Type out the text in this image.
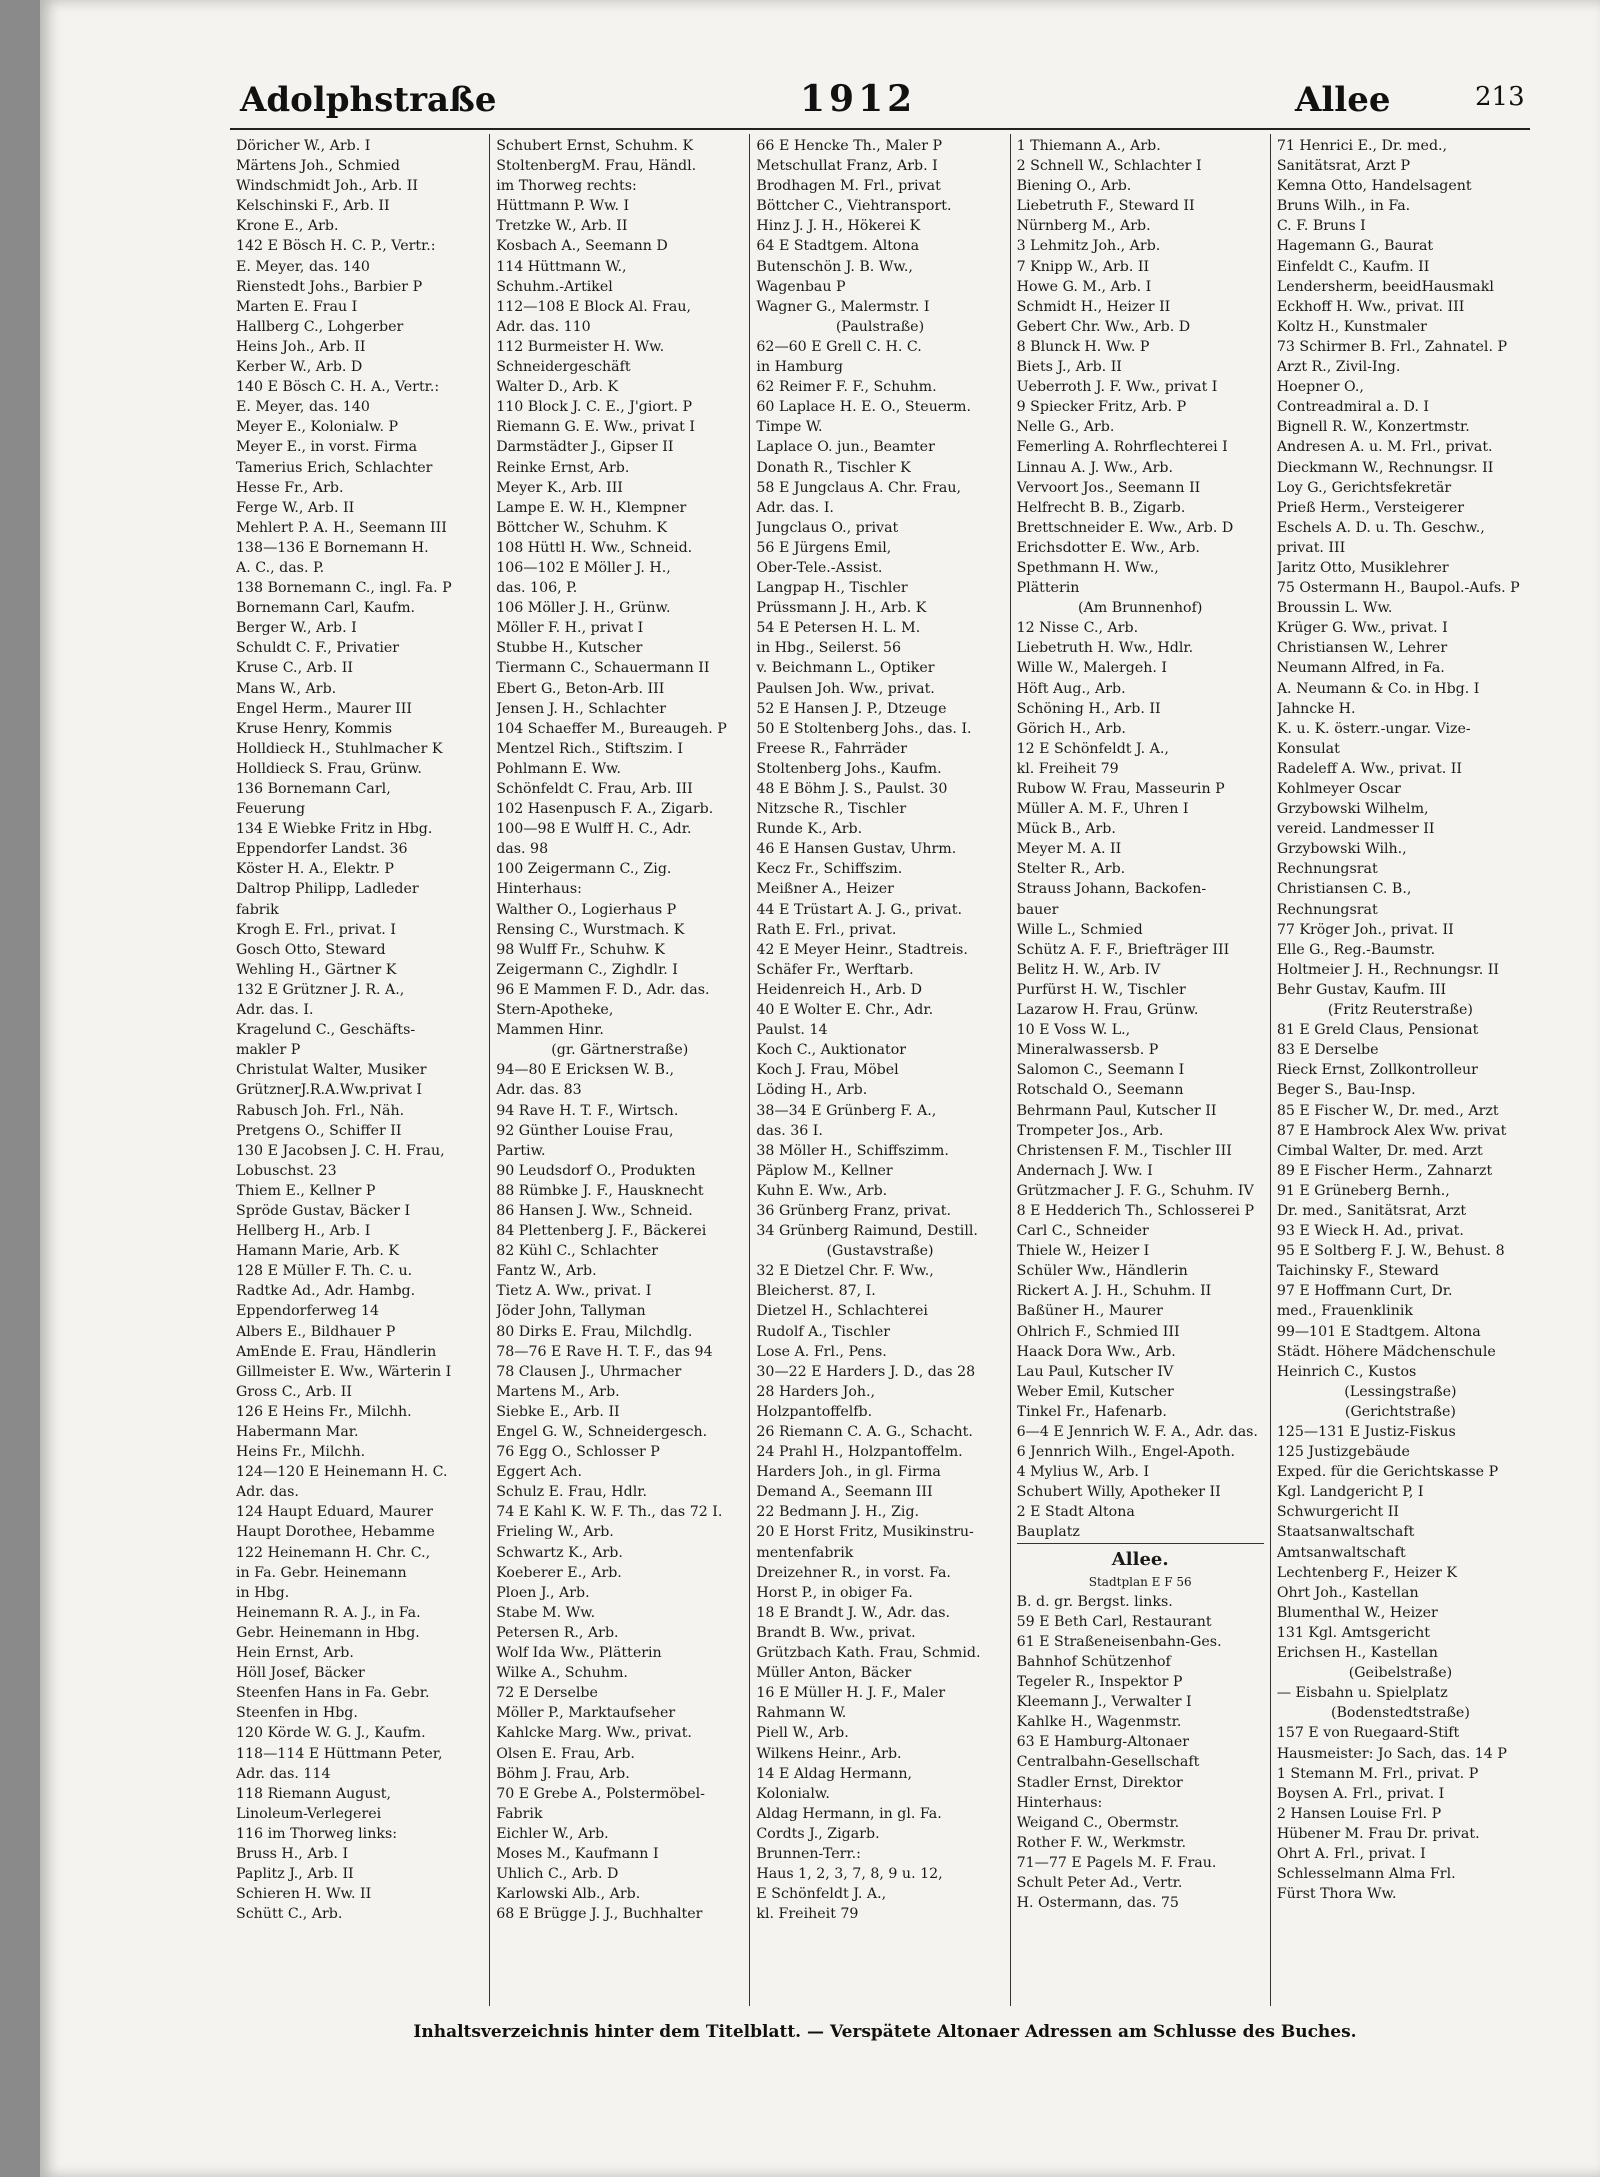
Adolphstraße	1912	Allee	213
Döricher W., Arb. I
Märtens Joh., Schmied
Windschmidt Joh., Arb. II
Kelschinski F., Arb. II
Krone E., Arb.
142 E Bösch H. C. P., Vertr.:
E. Meyer, das. 140
Rienstedt Johs., Barbier P
Marten E. Frau I
Hallberg C., Lohgerber
Heins Joh., Arb. II
Kerber W., Arb. D
140 E Bösch C. H. A., Vertr.:
E. Meyer, das. 140
Meyer E., Kolonialw. P
Meyer E., in vorst. Firma
Tamerius Erich, Schlachter
Hesse Fr., Arb.
Ferge W., Arb. II
Mehlert P. A. H., Seemann III
138—136 E Bornemann H.
A. C., das. P.
138 Bornemann C., ingl. Fa. P
Bornemann Carl, Kaufm.
Berger W., Arb. I
Schuldt C. F., Privatier
Kruse C., Arb. II
Mans W., Arb.
Engel Herm., Maurer III
Kruse Henry, Kommis
Holldieck H., Stuhlmacher K
Holldieck S. Frau, Grünw.
136 Bornemann Carl,
Feuerung
134 E Wiebke Fritz in Hbg.
Eppendorfer Landst. 36
Köster H. A., Elektr. P
Daltrop Philipp, Ladleder
fabrik
Krogh E. Frl., privat. I
Gosch Otto, Steward
Wehling H., Gärtner K
132 E Grützner J. R. A.,
Adr. das. I.
Kragelund C., Geschäfts-
makler P
Christulat Walter, Musiker
GrütznerJ.R.A.Ww.privat I
Rabusch Joh. Frl., Näh.
Pretgens O., Schiffer II
130 E Jacobsen J. C. H. Frau,
Lobuschst. 23
Thiem E., Kellner P
Spröde Gustav, Bäcker I
Hellberg H., Arb. I
Hamann Marie, Arb. K
128 E Müller F. Th. C. u.
Radtke Ad., Adr. Hambg.
Eppendorferweg 14
Albers E., Bildhauer P
AmEnde E. Frau, Händlerin
Gillmeister E. Ww., Wärterin I
Gross C., Arb. II
126 E Heins Fr., Milchh.
Habermann Mar.
Heins Fr., Milchh.
124—120 E Heinemann H. C.
Adr. das.
124 Haupt Eduard, Maurer
Haupt Dorothee, Hebamme
122 Heinemann H. Chr. C.,
in Fa. Gebr. Heinemann
in Hbg.
Heinemann R. A. J., in Fa.
Gebr. Heinemann in Hbg.
Hein Ernst, Arb.
Höll Josef, Bäcker
Steenfen Hans in Fa. Gebr.
Steenfen in Hbg.
120 Körde W. G. J., Kaufm.
118—114 E Hüttmann Peter,
Adr. das. 114
118 Riemann August,
Linoleum-Verlegerei
116 im Thorweg links:
Bruss H., Arb. I
Paplitz J., Arb. II
Schieren H. Ww. II
Schütt C., Arb.
Schubert Ernst, Schuhm. K
StoltenbergM. Frau, Händl.
im Thorweg rechts:
Hüttmann P. Ww. I
Tretzke W., Arb. II
Kosbach A., Seemann D
114 Hüttmann W.,
Schuhm.-Artikel
112—108 E Block Al. Frau,
Adr. das. 110
112 Burmeister H. Ww.
Schneidergeschäft
Walter D., Arb. K
110 Block J. C. E., J'giort. P
Riemann G. E. Ww., privat I
Darmstädter J., Gipser II
Reinke Ernst, Arb.
Meyer K., Arb. III
Lampe E. W. H., Klempner
Böttcher W., Schuhm. K
108 Hüttl H. Ww., Schneid.
106—102 E Möller J. H.,
das. 106, P.
106 Möller J. H., Grünw.
Möller F. H., privat I
Stubbe H., Kutscher
Tiermann C., Schauermann II
Ebert G., Beton-Arb. III
Jensen J. H., Schlachter
104 Schaeffer M., Bureaugeh. P
Mentzel Rich., Stiftszim. I
Pohlmann E. Ww.
Schönfeldt C. Frau, Arb. III
102 Hasenpusch F. A., Zigarb.
100—98 E Wulff H. C., Adr.
das. 98
100 Zeigermann C., Zig.
Hinterhaus:
Walther O., Logierhaus P
Rensing C., Wurstmach. K
98 Wulff Fr., Schuhw. K
Zeigermann C., Zighdlr. I
96 E Mammen F. D., Adr. das.
Stern-Apotheke,
Mammen Hinr.
(gr. Gärtnerstraße)
94—80 E Ericksen W. B.,
Adr. das. 83
94 Rave H. T. F., Wirtsch.
92 Günther Louise Frau,
Partiw.
90 Leudsdorf O., Produkten
88 Rümbke J. F., Hausknecht
86 Hansen J. Ww., Schneid.
84 Plettenberg J. F., Bäckerei
82 Kühl C., Schlachter
Fantz W., Arb.
Tietz A. Ww., privat. I
Jöder John, Tallyman
80 Dirks E. Frau, Milchdlg.
78—76 E Rave H. T. F., das 94
78 Clausen J., Uhrmacher
Martens M., Arb.
Siebke E., Arb. II
Engel G. W., Schneidergesch.
76 Egg O., Schlosser P
Eggert Ach.
Schulz E. Frau, Hdlr.
74 E Kahl K. W. F. Th., das 72 I.
Frieling W., Arb.
Schwartz K., Arb.
Koeberer E., Arb.
Ploen J., Arb.
Stabe M. Ww.
Petersen R., Arb.
Wolf Ida Ww., Plätterin
Wilke A., Schuhm.
72 E Derselbe
Möller P., Marktaufseher
Kahlcke Marg. Ww., privat.
Olsen E. Frau, Arb.
Böhm J. Frau, Arb.
70 E Grebe A., Polstermöbel-
Fabrik
Eichler W., Arb.
Moses M., Kaufmann I
Uhlich C., Arb. D
Karlowski Alb., Arb.
68 E Brügge J. J., Buchhalter
66 E Hencke Th., Maler P
Metschullat Franz, Arb. I
Brodhagen M. Frl., privat
Böttcher C., Viehtransport.
Hinz J. J. H., Hökerei K
64 E Stadtgem. Altona
Butenschön J. B. Ww.,
Wagenbau P
Wagner G., Malermstr. I
(Paulstraße)
62—60 E Grell C. H. C.
in Hamburg
62 Reimer F. F., Schuhm.
60 Laplace H. E. O., Steuerm.
Timpe W.
Laplace O. jun., Beamter
Donath R., Tischler K
58 E Jungclaus A. Chr. Frau,
Adr. das. I.
Jungclaus O., privat
56 E Jürgens Emil,
Ober-Tele.-Assist.
Langpap H., Tischler
Prüssmann J. H., Arb. K
54 E Petersen H. L. M.
in Hbg., Seilerst. 56
v. Beichmann L., Optiker
Paulsen Joh. Ww., privat.
52 E Hansen J. P., Dtzeuge
50 E Stoltenberg Johs., das. I.
Freese R., Fahrräder
Stoltenberg Johs., Kaufm.
48 E Böhm J. S., Paulst. 30
Nitzsche R., Tischler
Runde K., Arb.
46 E Hansen Gustav, Uhrm.
Kecz Fr., Schiffszim.
Meißner A., Heizer
44 E Trüstart A. J. G., privat.
Rath E. Frl., privat.
42 E Meyer Heinr., Stadtreis.
Schäfer Fr., Werftarb.
Heidenreich H., Arb. D
40 E Wolter E. Chr., Adr.
Paulst. 14
Koch C., Auktionator
Koch J. Frau, Möbel
Löding H., Arb.
38—34 E Grünberg F. A.,
das. 36 I.
38 Möller H., Schiffszimm.
Päplow M., Kellner
Kuhn E. Ww., Arb.
36 Grünberg Franz, privat.
34 Grünberg Raimund, Destill.
(Gustavstraße)
32 E Dietzel Chr. F. Ww.,
Bleicherst. 87, I.
Dietzel H., Schlachterei
Rudolf A., Tischler
Lose A. Frl., Pens.
30—22 E Harders J. D., das 28
28 Harders Joh.,
Holzpantoffelfb.
26 Riemann C. A. G., Schacht.
24 Prahl H., Holzpantoffelm.
Harders Joh., in gl. Firma
Demand A., Seemann III
22 Bedmann J. H., Zig.
20 E Horst Fritz, Musikinstru-
mentenfabrik
Dreizehner R., in vorst. Fa.
Horst P., in obiger Fa.
18 E Brandt J. W., Adr. das.
Brandt B. Ww., privat.
Grützbach Kath. Frau, Schmid.
Müller Anton, Bäcker
16 E Müller H. J. F., Maler
Rahmann W.
Piell W., Arb.
Wilkens Heinr., Arb.
14 E Aldag Hermann,
Kolonialw.
Aldag Hermann, in gl. Fa.
Cordts J., Zigarb.
Brunnen-Terr.:
Haus 1, 2, 3, 7, 8, 9 u. 12,
E Schönfeldt J. A.,
kl. Freiheit 79
1 Thiemann A., Arb.
2 Schnell W., Schlachter I
Biening O., Arb.
Liebetruth F., Steward II
Nürnberg M., Arb.
3 Lehmitz Joh., Arb.
7 Knipp W., Arb. II
Howe G. M., Arb. I
Schmidt H., Heizer II
Gebert Chr. Ww., Arb. D
8 Blunck H. Ww. P
Biets J., Arb. II
Ueberroth J. F. Ww., privat I
9 Spiecker Fritz, Arb. P
Nelle G., Arb.
Femerling A. Rohrflechterei I
Linnau A. J. Ww., Arb.
Vervoort Jos., Seemann II
Helfrecht B. B., Zigarb.
Brettschneider E. Ww., Arb. D
Erichsdotter E. Ww., Arb.
Spethmann H. Ww.,
Plätterin
(Am Brunnenhof)
12 Nisse C., Arb.
Liebetruth H. Ww., Hdlr.
Wille W., Malergeh. I
Höft Aug., Arb.
Schöning H., Arb. II
Görich H., Arb.
12 E Schönfeldt J. A.,
kl. Freiheit 79
Rubow W. Frau, Masseurin P
Müller A. M. F., Uhren I
Mück B., Arb.
Meyer M. A. II
Stelter R., Arb.
Strauss Johann, Backofen-
bauer
Wille L., Schmied
Schütz A. F. F., Briefträger III
Belitz H. W., Arb. IV
Purfürst H. W., Tischler
Lazarow H. Frau, Grünw.
10 E Voss W. L.,
Mineralwassersb. P
Salomon C., Seemann I
Rotschald O., Seemann
Behrmann Paul, Kutscher II
Trompeter Jos., Arb.
Christensen F. M., Tischler III
Andernach J. Ww. I
Grützmacher J. F. G., Schuhm. IV
8 E Hedderich Th., Schlosserei P
Carl C., Schneider
Thiele W., Heizer I
Schüler Ww., Händlerin
Rickert A. J. H., Schuhm. II
Baßüner H., Maurer
Ohlrich F., Schmied III
Haack Dora Ww., Arb.
Lau Paul, Kutscher IV
Weber Emil, Kutscher
Tinkel Fr., Hafenarb.
6—4 E Jennrich W. F. A., Adr. das.
6 Jennrich Wilh., Engel-Apoth.
4 Mylius W., Arb. I
Schubert Willy, Apotheker II
2 E Stadt Altona
Bauplatz
Allee.
Stadtplan E F 56
B. d. gr. Bergst. links.
59 E Beth Carl, Restaurant
61 E Straßeneisenbahn-Ges.
Bahnhof Schützenhof
Tegeler R., Inspektor P
Kleemann J., Verwalter I
Kahlke H., Wagenmstr.
63 E Hamburg-Altonaer
Centralbahn-Gesellschaft
Stadler Ernst, Direktor
Hinterhaus:
Weigand C., Obermstr.
Rother F. W., Werkmstr.
71—77 E Pagels M. F. Frau.
Schult Peter Ad., Vertr.
H. Ostermann, das. 75
71 Henrici E., Dr. med.,
Sanitätsrat, Arzt P
Kemna Otto, Handelsagent
Bruns Wilh., in Fa.
C. F. Bruns I
Hagemann G., Baurat
Einfeldt C., Kaufm. II
Lendersherm, beeidHausmakl
Eckhoff H. Ww., privat. III
Koltz H., Kunstmaler
73 Schirmer B. Frl., Zahnatel. P
Arzt R., Zivil-Ing.
Hoepner O.,
Contreadmiral a. D. I
Bignell R. W., Konzertmstr.
Andresen A. u. M. Frl., privat.
Dieckmann W., Rechnungsr. II
Loy G., Gerichtsfekretär
Prieß Herm., Versteigerer
Eschels A. D. u. Th. Geschw.,
privat. III
Jaritz Otto, Musiklehrer
75 Ostermann H., Baupol.-Aufs. P
Broussin L. Ww.
Krüger G. Ww., privat. I
Christiansen W., Lehrer
Neumann Alfred, in Fa.
A. Neumann & Co. in Hbg. I
Jahncke H.
K. u. K. österr.-ungar. Vize-
Konsulat
Radeleff A. Ww., privat. II
Kohlmeyer Oscar
Grzybowski Wilhelm,
vereid. Landmesser II
Grzybowski Wilh.,
Rechnungsrat
Christiansen C. B.,
Rechnungsrat
77 Kröger Joh., privat. II
Elle G., Reg.-Baumstr.
Holtmeier J. H., Rechnungsr. II
Behr Gustav, Kaufm. III
(Fritz Reuterstraße)
81 E Greld Claus, Pensionat
83 E Derselbe
Rieck Ernst, Zollkontrolleur
Beger S., Bau-Insp.
85 E Fischer W., Dr. med., Arzt
87 E Hambrock Alex Ww. privat
Cimbal Walter, Dr. med. Arzt
89 E Fischer Herm., Zahnarzt
91 E Grüneberg Bernh.,
Dr. med., Sanitätsrat, Arzt
93 E Wieck H. Ad., privat.
95 E Soltberg F. J. W., Behust. 8
Taichinsky F., Steward
97 E Hoffmann Curt, Dr.
med., Frauenklinik
99—101 E Stadtgem. Altona
Städt. Höhere Mädchenschule
Heinrich C., Kustos
(Lessingstraße)
(Gerichtstraße)
125—131 E Justiz-Fiskus
125 Justizgebäude
Exped. für die Gerichtskasse P
Kgl. Landgericht P, I
Schwurgericht II
Staatsanwaltschaft
Amtsanwaltschaft
Lechtenberg F., Heizer K
Ohrt Joh., Kastellan
Blumenthal W., Heizer
131 Kgl. Amtsgericht
Erichsen H., Kastellan
(Geibelstraße)
— Eisbahn u. Spielplatz
(Bodenstedtstraße)
157 E von Ruegaard-Stift
Hausmeister: Jo Sach, das. 14 P
1 Stemann M. Frl., privat. P
Boysen A. Frl., privat. I
2 Hansen Louise Frl. P
Hübener M. Frau Dr. privat.
Ohrt A. Frl., privat. I
Schlesselmann Alma Frl.
Fürst Thora Ww.
Inhaltsverzeichnis hinter dem Titelblatt. — Verspätete Altonaer Adressen am Schlusse des Buches.
